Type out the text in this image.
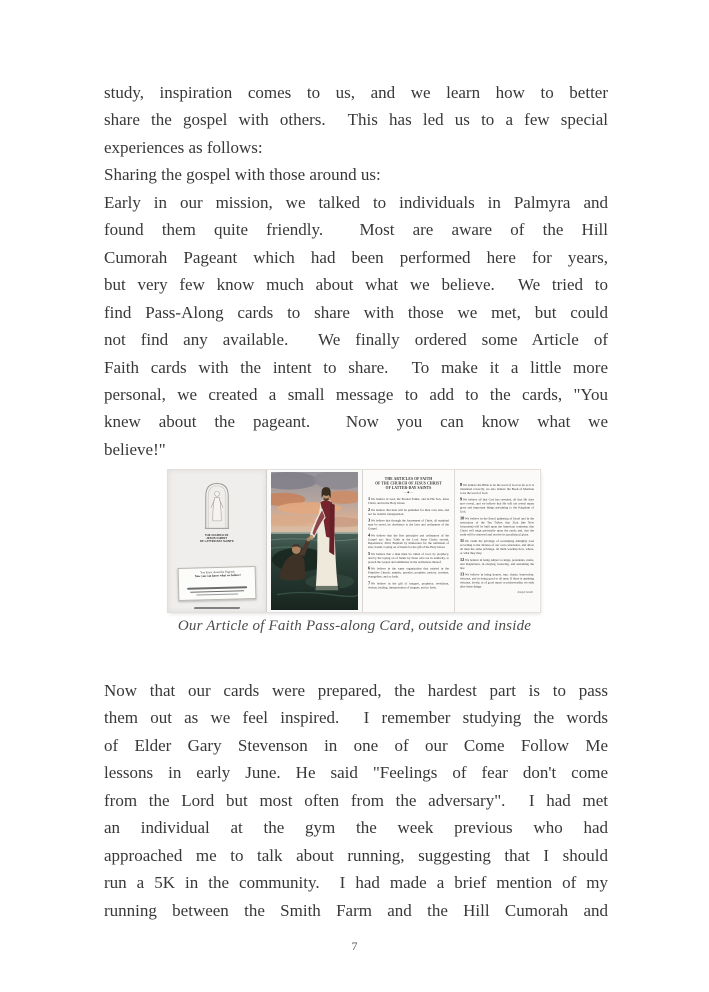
study, inspiration comes to us, and we learn how to better
share the gospel with others.  This has led us to a few special
experiences as follows:
Sharing the gospel with those around us:
Early in our mission, we talked to individuals in Palmyra and
found them quite friendly.  Most are aware of the Hill
Cumorah Pageant which had been performed here for years,
but very few know much about what we believe.  We tried to
find Pass-Along cards to share with those we met, but could
not find any available.  We finally ordered some Article of
Faith cards with the intent to share.  To make it a little more
personal, we created a small message to add to the cards, "You
knew about the pageant.  Now you can know what we
believe!"
THE CHURCH OF
JESUS CHRIST
OF LATTER-DAY SAINTS
You knew about the Pageant.
Now you can know what we believe!
THE ARTICLES OF FAITH
OF THE CHURCH OF JESUS CHRIST
OF LATTER-DAY SAINTS
—◆—
1We believe in God, the Eternal Father, and in His Son, Jesus Christ, and in the Holy Ghost.
2We believe that men will be punished for their own sins, and not for Adam's transgression.
3We believe that through the Atonement of Christ, all mankind may be saved, by obedience to the laws and ordinances of the Gospel.
4We believe that the first principles and ordinances of the Gospel are: first, Faith in the Lord Jesus Christ; second, Repentance; third, Baptism by immersion for the remission of sins; fourth, Laying on of hands for the gift of the Holy Ghost.
5We believe that a man must be called of God, by prophecy, and by the laying on of hands by those who are in authority, to preach the Gospel and administer in the ordinances thereof.
6We believe in the same organization that existed in the Primitive Church, namely, apostles, prophets, pastors, teachers, evangelists, and so forth.
7We believe in the gift of tongues, prophecy, revelation, visions, healing, interpretation of tongues, and so forth.
8We believe the Bible to be the word of God as far as it is translated correctly; we also believe the Book of Mormon to be the word of God.
9We believe all that God has revealed, all that He does now reveal, and we believe that He will yet reveal many great and important things pertaining to the Kingdom of God.
10We believe in the literal gathering of Israel and in the restoration of the Ten Tribes; that Zion (the New Jerusalem) will be built upon the American continent; that Christ will reign personally upon the earth; and, that the earth will be renewed and receive its paradisiacal glory.
11We claim the privilege of worshiping Almighty God according to the dictates of our own conscience, and allow all men the same privilege, let them worship how, where, or what they may.
12We believe in being subject to kings, presidents, rulers, and magistrates, in obeying, honoring, and sustaining the law.
13We believe in being honest, true, chaste, benevolent, virtuous, and in doing good to all men. If there is anything virtuous, lovely, or of good report or praiseworthy, we seek after these things.
Joseph Smith
Our Article of Faith Pass-along Card, outside and inside
Now that our cards were prepared, the hardest part is to pass
them out as we feel inspired.  I remember studying the words
of Elder Gary Stevenson in one of our Come Follow Me
lessons in early June. He said "Feelings of fear don't come
from the Lord but most often from the adversary".  I had met
an individual at the gym the week previous who had
approached me to talk about running, suggesting that I should
run a 5K in the community.  I had made a brief mention of my
running between the Smith Farm and the Hill Cumorah and
7
